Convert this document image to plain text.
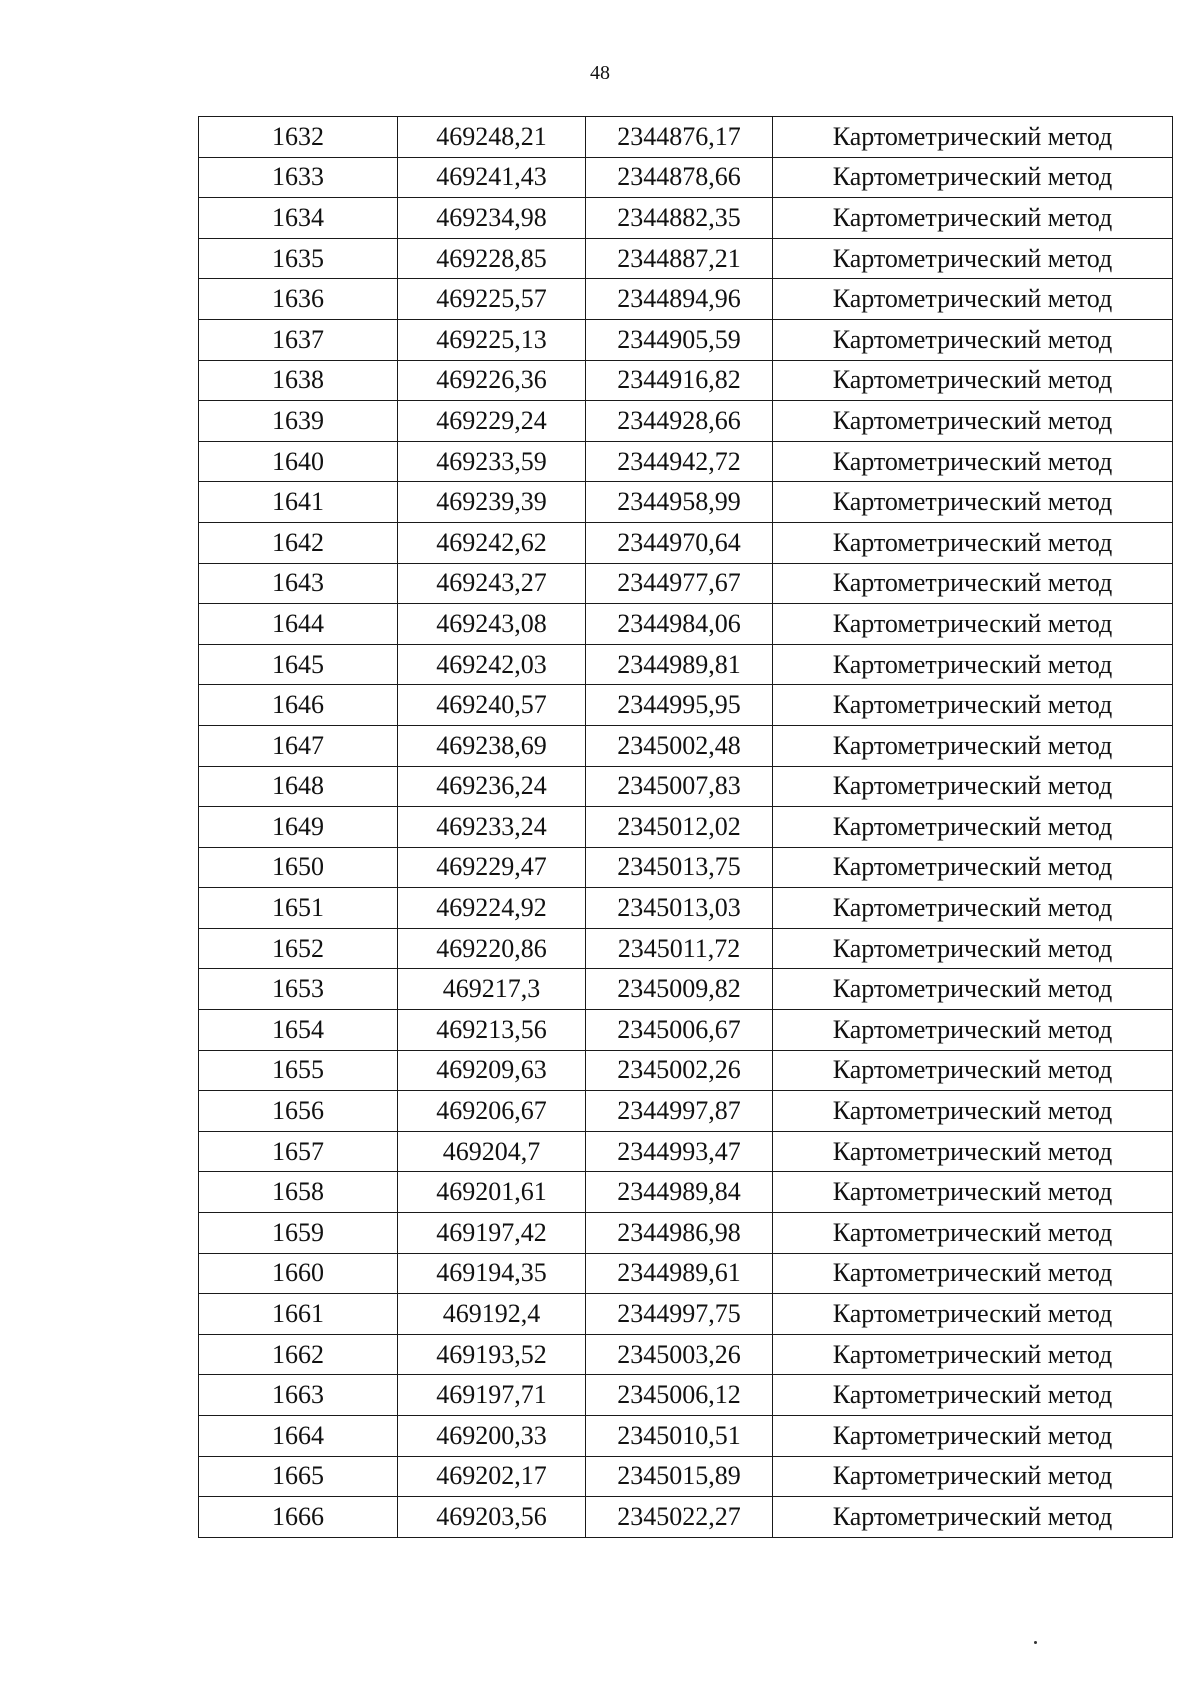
48
1632	469248,21	2344876,17	Картометрический метод
1633	469241,43	2344878,66	Картометрический метод
1634	469234,98	2344882,35	Картометрический метод
1635	469228,85	2344887,21	Картометрический метод
1636	469225,57	2344894,96	Картометрический метод
1637	469225,13	2344905,59	Картометрический метод
1638	469226,36	2344916,82	Картометрический метод
1639	469229,24	2344928,66	Картометрический метод
1640	469233,59	2344942,72	Картометрический метод
1641	469239,39	2344958,99	Картометрический метод
1642	469242,62	2344970,64	Картометрический метод
1643	469243,27	2344977,67	Картометрический метод
1644	469243,08	2344984,06	Картометрический метод
1645	469242,03	2344989,81	Картометрический метод
1646	469240,57	2344995,95	Картометрический метод
1647	469238,69	2345002,48	Картометрический метод
1648	469236,24	2345007,83	Картометрический метод
1649	469233,24	2345012,02	Картометрический метод
1650	469229,47	2345013,75	Картометрический метод
1651	469224,92	2345013,03	Картометрический метод
1652	469220,86	2345011,72	Картометрический метод
1653	469217,3	2345009,82	Картометрический метод
1654	469213,56	2345006,67	Картометрический метод
1655	469209,63	2345002,26	Картометрический метод
1656	469206,67	2344997,87	Картометрический метод
1657	469204,7	2344993,47	Картометрический метод
1658	469201,61	2344989,84	Картометрический метод
1659	469197,42	2344986,98	Картометрический метод
1660	469194,35	2344989,61	Картометрический метод
1661	469192,4	2344997,75	Картометрический метод
1662	469193,52	2345003,26	Картометрический метод
1663	469197,71	2345006,12	Картометрический метод
1664	469200,33	2345010,51	Картометрический метод
1665	469202,17	2345015,89	Картометрический метод
1666	469203,56	2345022,27	Картометрический метод
